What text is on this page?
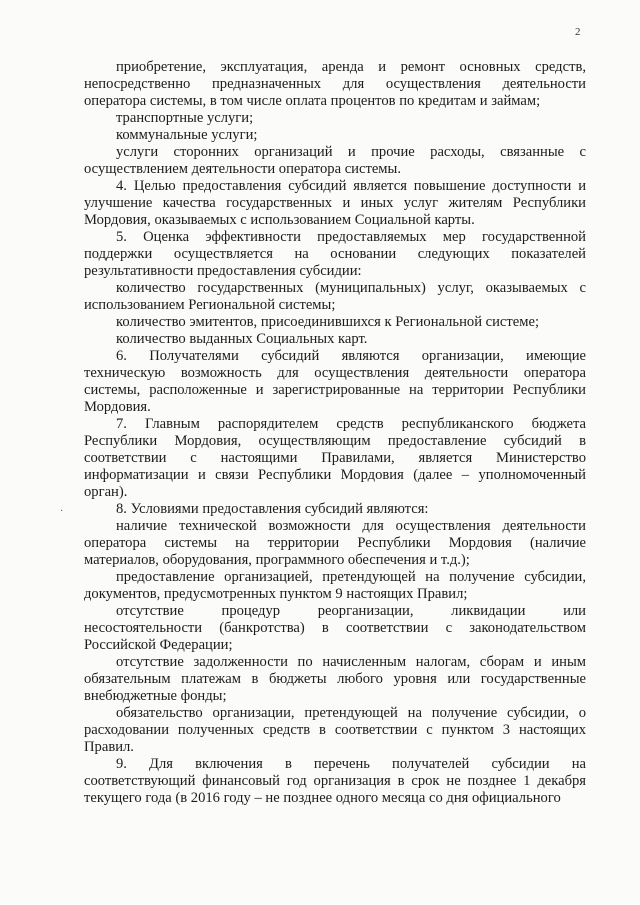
2
·
приобретение, эксплуатация, аренда и ремонт основных средств,
непосредственно предназначенных для осуществления деятельности
оператора системы, в том числе оплата процентов по кредитам и займам;
транспортные услуги;
коммунальные услуги;
услуги сторонних организаций и прочие расходы, связанные с
осуществлением деятельности оператора системы.
4. Целью предоставления субсидий является повышение доступности и
улучшение качества государственных и иных услуг жителям Республики
Мордовия, оказываемых с использованием Социальной карты.
5. Оценка эффективности предоставляемых мер государственной
поддержки осуществляется на основании следующих показателей
результативности предоставления субсидии:
количество государственных (муниципальных) услуг, оказываемых с
использованием Региональной системы;
количество эмитентов, присоединившихся к Региональной системе;
количество выданных Социальных карт.
6. Получателями субсидий являются организации, имеющие
техническую возможность для осуществления деятельности оператора
системы, расположенные и зарегистрированные на территории Республики
Мордовия.
7. Главным распорядителем средств республиканского бюджета
Республики Мордовия, осуществляющим предоставление субсидий в
соответствии с настоящими Правилами, является Министерство
информатизации и связи Республики Мордовия (далее – уполномоченный
орган).
8. Условиями предоставления субсидий являются:
наличие технической возможности для осуществления деятельности
оператора системы на территории Республики Мордовия (наличие
материалов, оборудования, программного обеспечения и т.д.);
предоставление организацией, претендующей на получение субсидии,
документов, предусмотренных пунктом 9 настоящих Правил;
отсутствие процедур реорганизации, ликвидации или
несостоятельности (банкротства) в соответствии с законодательством
Российской Федерации;
отсутствие задолженности по начисленным налогам, сборам и иным
обязательным платежам в бюджеты любого уровня или государственные
внебюджетные фонды;
обязательство организации, претендующей на получение субсидии, о
расходовании полученных средств в соответствии с пунктом 3 настоящих
Правил.
9. Для включения в перечень получателей субсидии на
соответствующий финансовый год организация в срок не позднее 1 декабря
текущего года (в 2016 году – не позднее одного месяца со дня официального
